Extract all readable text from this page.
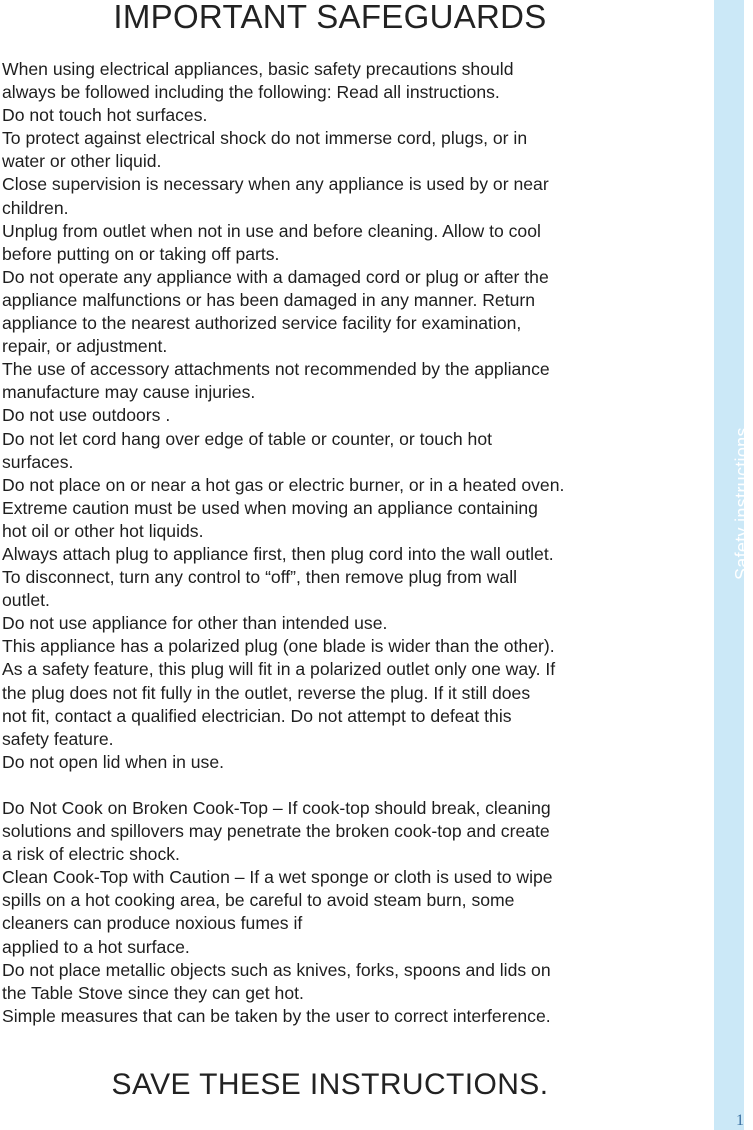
IMPORTANT SAFEGUARDS
When using electrical appliances, basic safety precautions should
always be followed including the following: Read all instructions.
Do not touch hot surfaces.
To protect against electrical shock do not immerse cord, plugs, or in
water or other liquid.
Close supervision is necessary when any appliance is used by or near
children.
Unplug from outlet when not in use and before cleaning. Allow to cool
before putting on or taking off parts.
Do not operate any appliance with a damaged cord or plug or after the
appliance malfunctions or has been damaged in any manner. Return
appliance to the nearest authorized service facility for examination,
repair, or adjustment.
The use of accessory attachments not recommended by the appliance
manufacture may cause injuries.
Do not use outdoors .
Do not let cord hang over edge of table or counter, or touch hot
surfaces.
Do not place on or near a hot gas or electric burner, or in a heated oven.
Extreme caution must be used when moving an appliance containing
hot oil or other hot liquids.
Always attach plug to appliance first, then plug cord into the wall outlet.
To disconnect, turn any control to “off”, then remove plug from wall
outlet.
Do not use appliance for other than intended use.
This appliance has a polarized plug (one blade is wider than the other).
As a safety feature, this plug will fit in a polarized outlet only one way. If
the plug does not fit fully in the outlet, reverse the plug. If it still does
not fit, contact a qualified electrician. Do not attempt to defeat this
safety feature.
Do not open lid when in use.
Do Not Cook on Broken Cook-Top – If cook-top should break, cleaning
solutions and spillovers may penetrate the broken cook-top and create
a risk of electric shock.
Clean Cook-Top with Caution – If a wet sponge or cloth is used to wipe
spills on a hot cooking area, be careful to avoid steam burn, some
cleaners can produce noxious fumes if
applied to a hot surface.
Do not place metallic objects such as knives, forks, spoons and lids on
the Table Stove since they can get hot.
Simple measures that can be taken by the user to correct interference.
SAVE THESE INSTRUCTIONS.
Safety instructions
1
